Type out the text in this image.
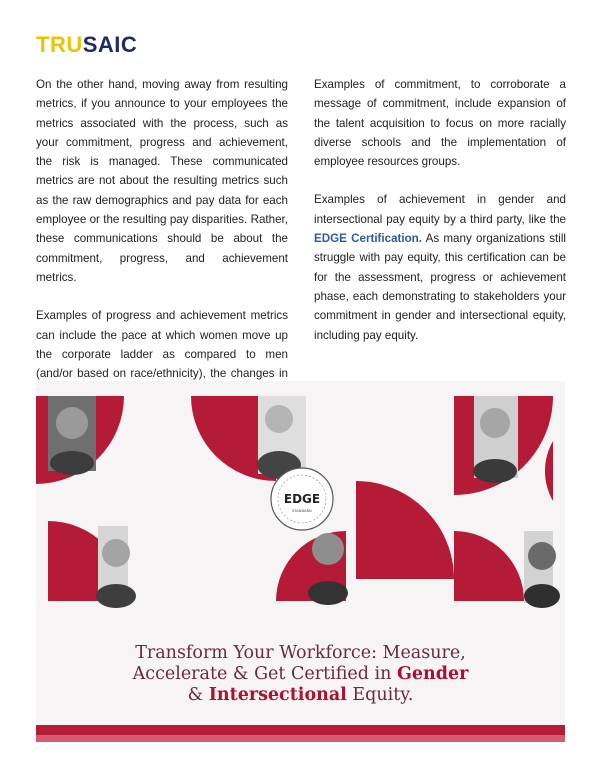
TRUSAIC

On the other hand, moving away from resulting metrics, if you announce to your employees the metrics associated with the process, such as your commitment, progress and achievement, the risk is managed. These communicated metrics are not about the resulting metrics such as the raw demographics and pay data for each employee or the resulting pay disparities. Rather, these communications should be about the commitment, progress, and achievement metrics.

Examples of progress and achievement metrics can include the pace at which women move up the corporate ladder as compared to men (and/or based on race/ethnicity), the changes in

Examples of commitment, to corroborate a message of commitment, include expansion of the talent acquisition to focus on more racially diverse schools and the implementation of employee resources groups.

Examples of achievement in gender and intersectional pay equity by a third party, like the EDGE Certification. As many organizations still struggle with pay equity, this certification can be for the assessment, progress or achievement phase, each demonstrating to stakeholders your commitment in gender and intersectional equity, including pay equity.

EDGE
STANDARD
Transform Your Workforce: Measure,
Accelerate & Get Certified in Gender
& Intersectional Equity.
